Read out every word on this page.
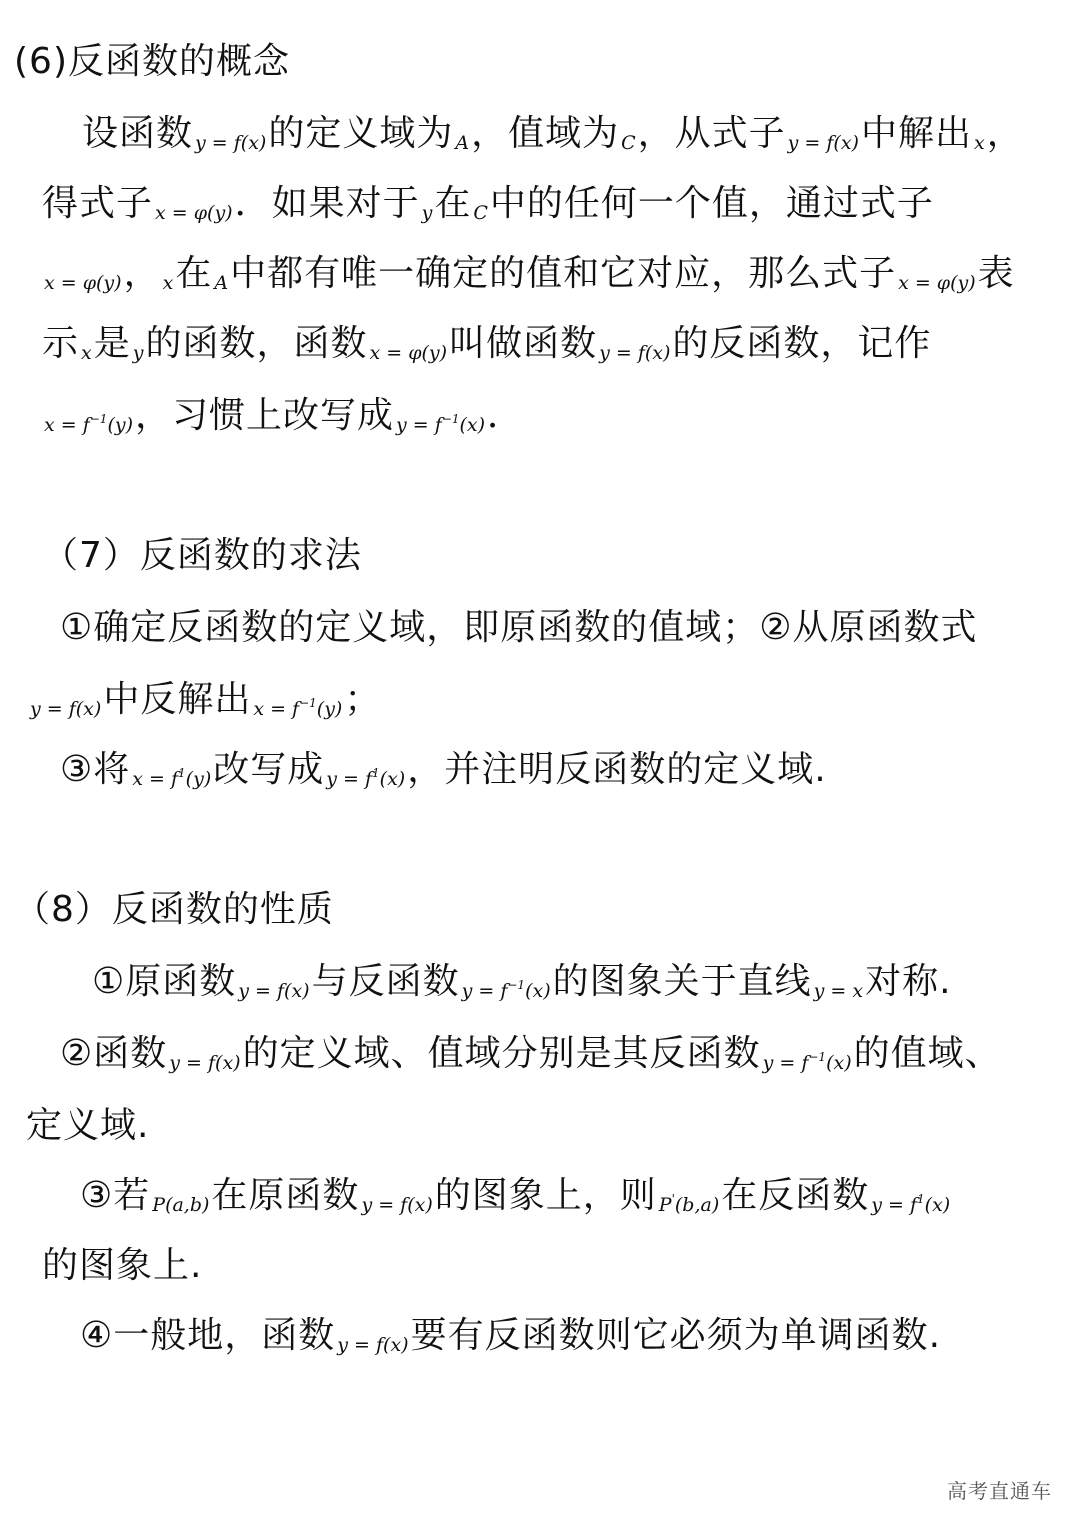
(6)反函数的概念
设函数 y = f(x)的定义域为 A，值域为 C，从式子 y = f(x)中解出 x，
得式子 x = φ(y)．如果对于 y在 C中的任何一个值，通过式子
x = φ(y)， x在 A中都有唯一确定的值和它对应，那么式子 x = φ(y)表
示x是 y的函数，函数 x = φ(y)叫做函数 y = f(x)的反函数，记作
$x = f^{-1}(y)$，习惯上改写成 $y = f^{-1}(x)$．
（7）反函数的求法
①确定反函数的定义域，即原函数的值域；②从原函数式
y = f(x)中反解出 $x = f^{-1}(y)$；
③将 $x = f^1(y)$改写成 $y = f^1(x)$，并注明反函数的定义域.
（8）反函数的性质
①原函数 y = f(x)与反函数 $y = f^{-1}(x)$的图象关于直线 y = x对称.
②函数 y = f(x)的定义域、值域分别是其反函数 $y = f^{-1}(x)$的值域、
定义域.
③若 P(a,b)在原函数 y = f(x)的图象上，则 P'(b,a)在反函数 $y = f^1(x)$
的图象上.
④一般地，函数 y = f(x)要有反函数则它必须为单调函数.
高考直通车
